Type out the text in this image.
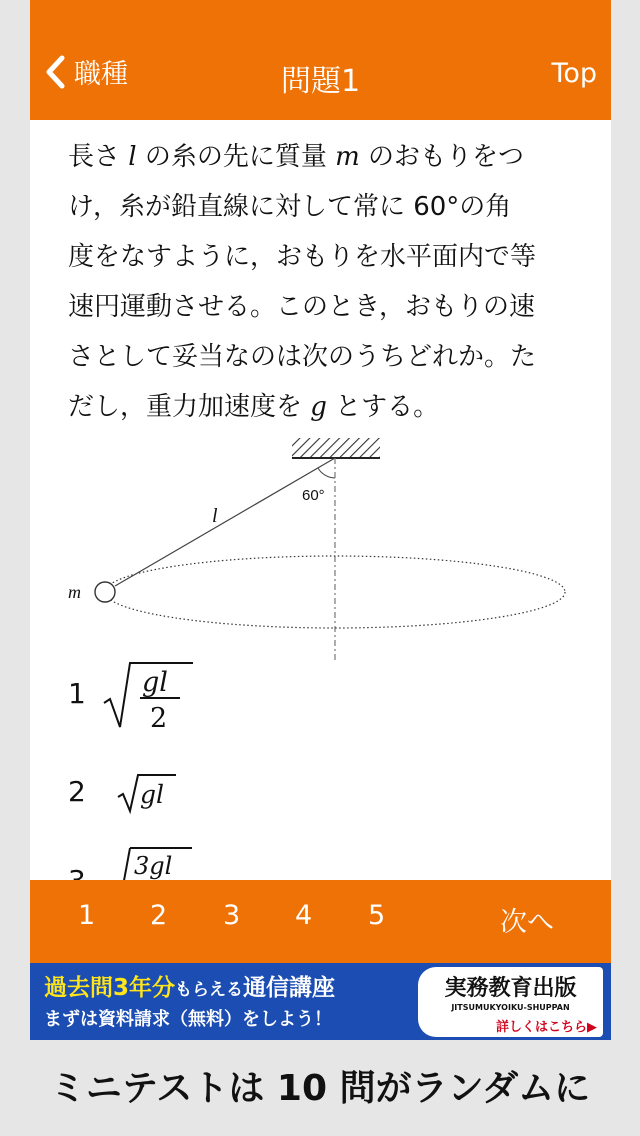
職種	問題1	Top
長さ l の糸の先に質量 m のおもりをつ
け，糸が鉛直線に対して常に 60°の角
度をなすように，おもりを水平面内で等
速円運動させる。このとき，おもりの速
さとして妥当なのは次のうちどれか。た
だし，重力加速度を g とする。
60°
l
m
1 gl
2
2 gl
3gl
1 2 3 4 5	次へ
過去問3年分もらえる通信講座
まずは資料請求（無料）をしよう！
実務教育出版
JITSUMUKYOIKU-SHUPPAN
詳しくはこちら▶
ミニテストは 10 問がランダムに
